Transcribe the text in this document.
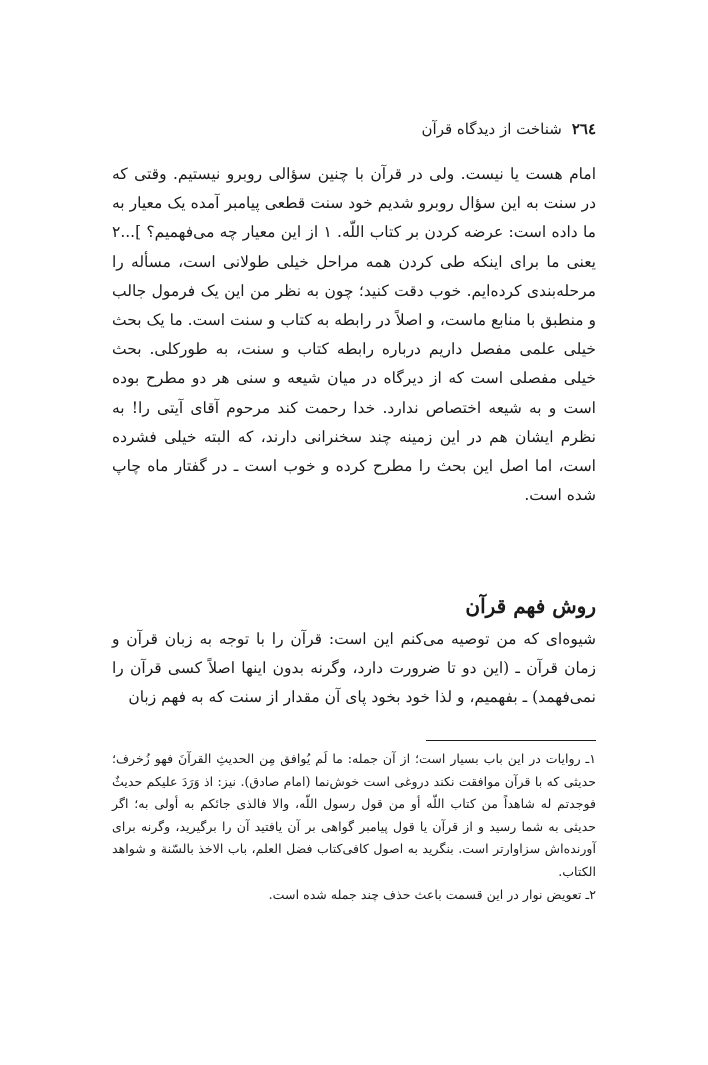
٢٦٤
شناخت از دیدگاه قرآن

امام هست یا نیست. ولی در قرآن با چنین سؤالی روبرو نیستیم. وقتی که در سنت به این سؤال روبرو شدیم خود سنت قطعی پیامبر آمده یک معیار به ما داده است: عرضه کردن بر کتاب اللّه. ۱ از این معیار چه می‌فهمیم؟ ]...۲ یعنی ما برای اینکه طی کردن همه مراحل خیلی طولانی است، مسأله را مرحله‌بندی کرده‌ایم. خوب دقت کنید؛ چون به نظر من این یک فرمول جالب و منطبق با منابع ماست، و اصلاً در رابطه به کتاب و سنت است. ما یک بحث خیلی علمی مفصل داریم درباره رابطه کتاب و سنت، به طورکلی. بحث خیلی مفصلی است که از دیرگاه در میان شیعه و سنی هر دو مطرح بوده است و به شیعه اختصاص ندارد. خدا رحمت کند مرحوم آقای آیتی را! به نظرم ایشان هم در این زمینه چند سخنرانی دارند، که البته خیلی فشرده است، اما اصل این بحث را مطرح کرده و خوب است ـ در گفتار ماه چاپ شده است.

روش فهم قرآن

شیوه‌ای که من توصیه می‌کنم این است: قرآن را با توجه به زبان قرآن و زمان قرآن ـ (این دو تا ضرورت دارد، وگرنه بدون اینها اصلاً کسی قرآن را نمی‌فهمد) ـ بفهمیم، و لذا خود بخود پای آن مقدار از سنت که به فهم زبان

۱ـ روایات در این باب بسیار است؛ از آن جمله: ما لَم یُوافق مِن الحدیثِ القرآنَ فهو زُخرف؛ حدیثی که با قرآن موافقت نکند دروغی است خوش‌نما (امام صادق). نیز: اذ وَرَدَ علیکم حدیثٌ فوجدتم له شاهداً من کتاب اللّه أو من قول رسول اللّه، والا فالذی جائکم به أولی به؛ اگر حدیثی به شما رسید و از قرآن یا قول پیامبر گواهی بر آن یافتید آن را برگیرید، وگرنه برای آورنده‌اش سزاوارتر است. بنگرید به اصول کافی‌کتاب فضل العلم، باب الاخذ بالسّنة و شواهد الکتاب.

۲ـ تعویض نوار در این قسمت باعث حذف چند جمله شده است.
